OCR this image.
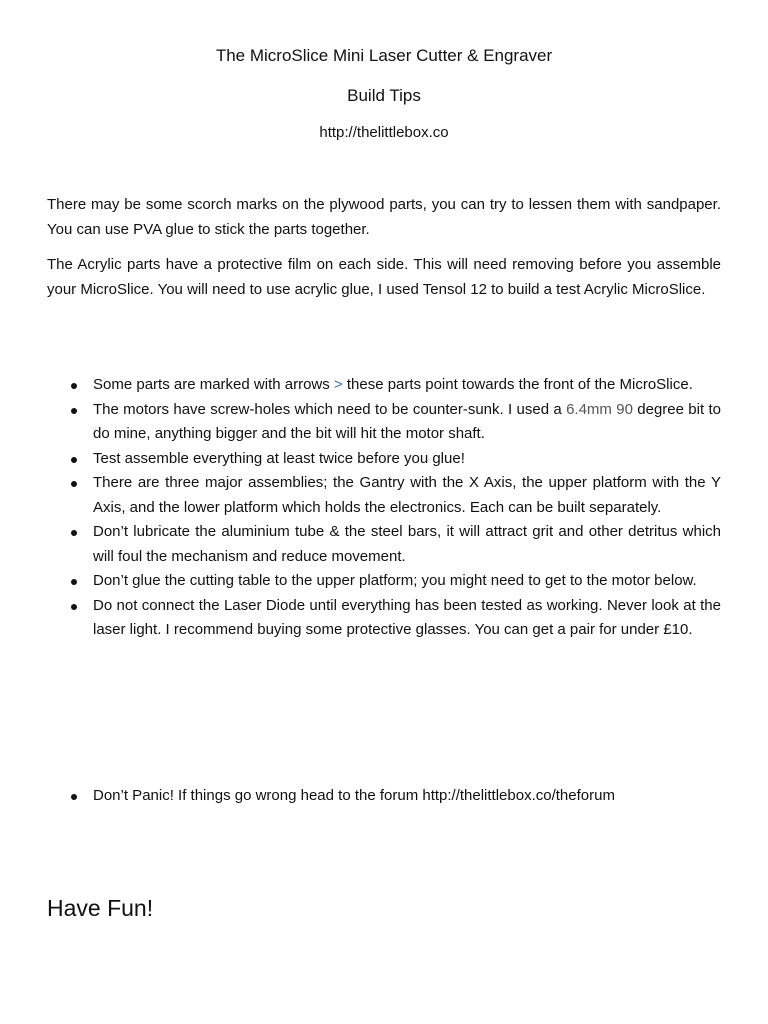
The MicroSlice Mini Laser Cutter & Engraver
Build Tips
http://thelittlebox.co

There may be some scorch marks on the plywood parts, you can try to lessen them with sandpaper. You can use PVA glue to stick the parts together.

The Acrylic parts have a protective film on each side. This will need removing before you assemble your MicroSlice. You will need to use acrylic glue, I used Tensol 12 to build a test Acrylic MicroSlice.

Some parts are marked with arrows > these parts point towards the front of the MicroSlice.
The motors have screw-holes which need to be counter-sunk. I used a 6.4mm 90 degree bit to do mine, anything bigger and the bit will hit the motor shaft.
Test assemble everything at least twice before you glue!
There are three major assemblies; the Gantry with the X Axis, the upper platform with the Y Axis, and the lower platform which holds the electronics. Each can be built separately.
Don’t lubricate the aluminium tube & the steel bars, it will attract grit and other detritus which will foul the mechanism and reduce movement.
Don’t glue the cutting table to the upper platform; you might need to get to the motor below.
Do not connect the Laser Diode until everything has been tested as working. Never look at the laser light. I recommend buying some protective glasses. You can get a pair for under £10.
Don’t Panic! If things go wrong head to the forum http://thelittlebox.co/theforum
Have Fun!
